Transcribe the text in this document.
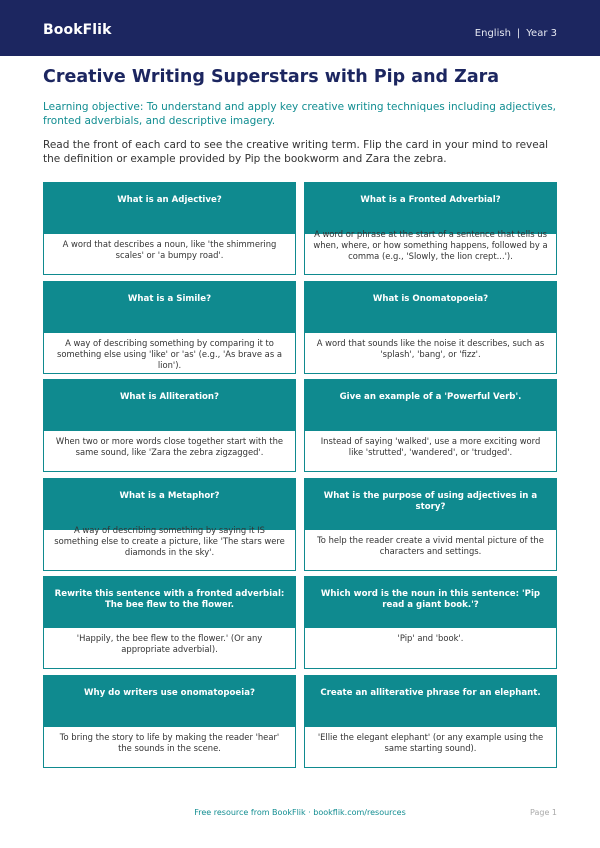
BookFlik	English | Year 3
Creative Writing Superstars with Pip and Zara

Learning objective: To understand and apply key creative writing techniques including adjectives, fronted adverbials, and descriptive imagery.

Read the front of each card to see the creative writing term. Flip the card in your mind to reveal the definition or example provided by Pip the bookworm and Zara the zebra.

What is an Adjective?
A word that describes a noun, like 'the shimmering scales' or 'a bumpy road'.
What is a Fronted Adverbial?
A word or phrase at the start of a sentence that tells us when, where, or how something happens, followed by a comma (e.g., 'Slowly, the lion crept...').
What is a Simile?
A way of describing something by comparing it to something else using 'like' or 'as' (e.g., 'As brave as a lion').
What is Onomatopoeia?
A word that sounds like the noise it describes, such as 'splash', 'bang', or 'fizz'.
What is Alliteration?
When two or more words close together start with the same sound, like 'Zara the zebra zigzagged'.
Give an example of a 'Powerful Verb'.
Instead of saying 'walked', use a more exciting word like 'strutted', 'wandered', or 'trudged'.
What is a Metaphor?
A way of describing something by saying it IS something else to create a picture, like 'The stars were diamonds in the sky'.
What is the purpose of using adjectives in a story?
To help the reader create a vivid mental picture of the characters and settings.
Rewrite this sentence with a fronted adverbial: The bee flew to the flower.
'Happily, the bee flew to the flower.' (Or any appropriate adverbial).
Which word is the noun in this sentence: 'Pip read a giant book.'?
'Pip' and 'book'.
Why do writers use onomatopoeia?
To bring the story to life by making the reader 'hear' the sounds in the scene.
Create an alliterative phrase for an elephant.
'Ellie the elegant elephant' (or any example using the same starting sound).
Free resource from BookFlik · bookflik.com/resources	Page 1
